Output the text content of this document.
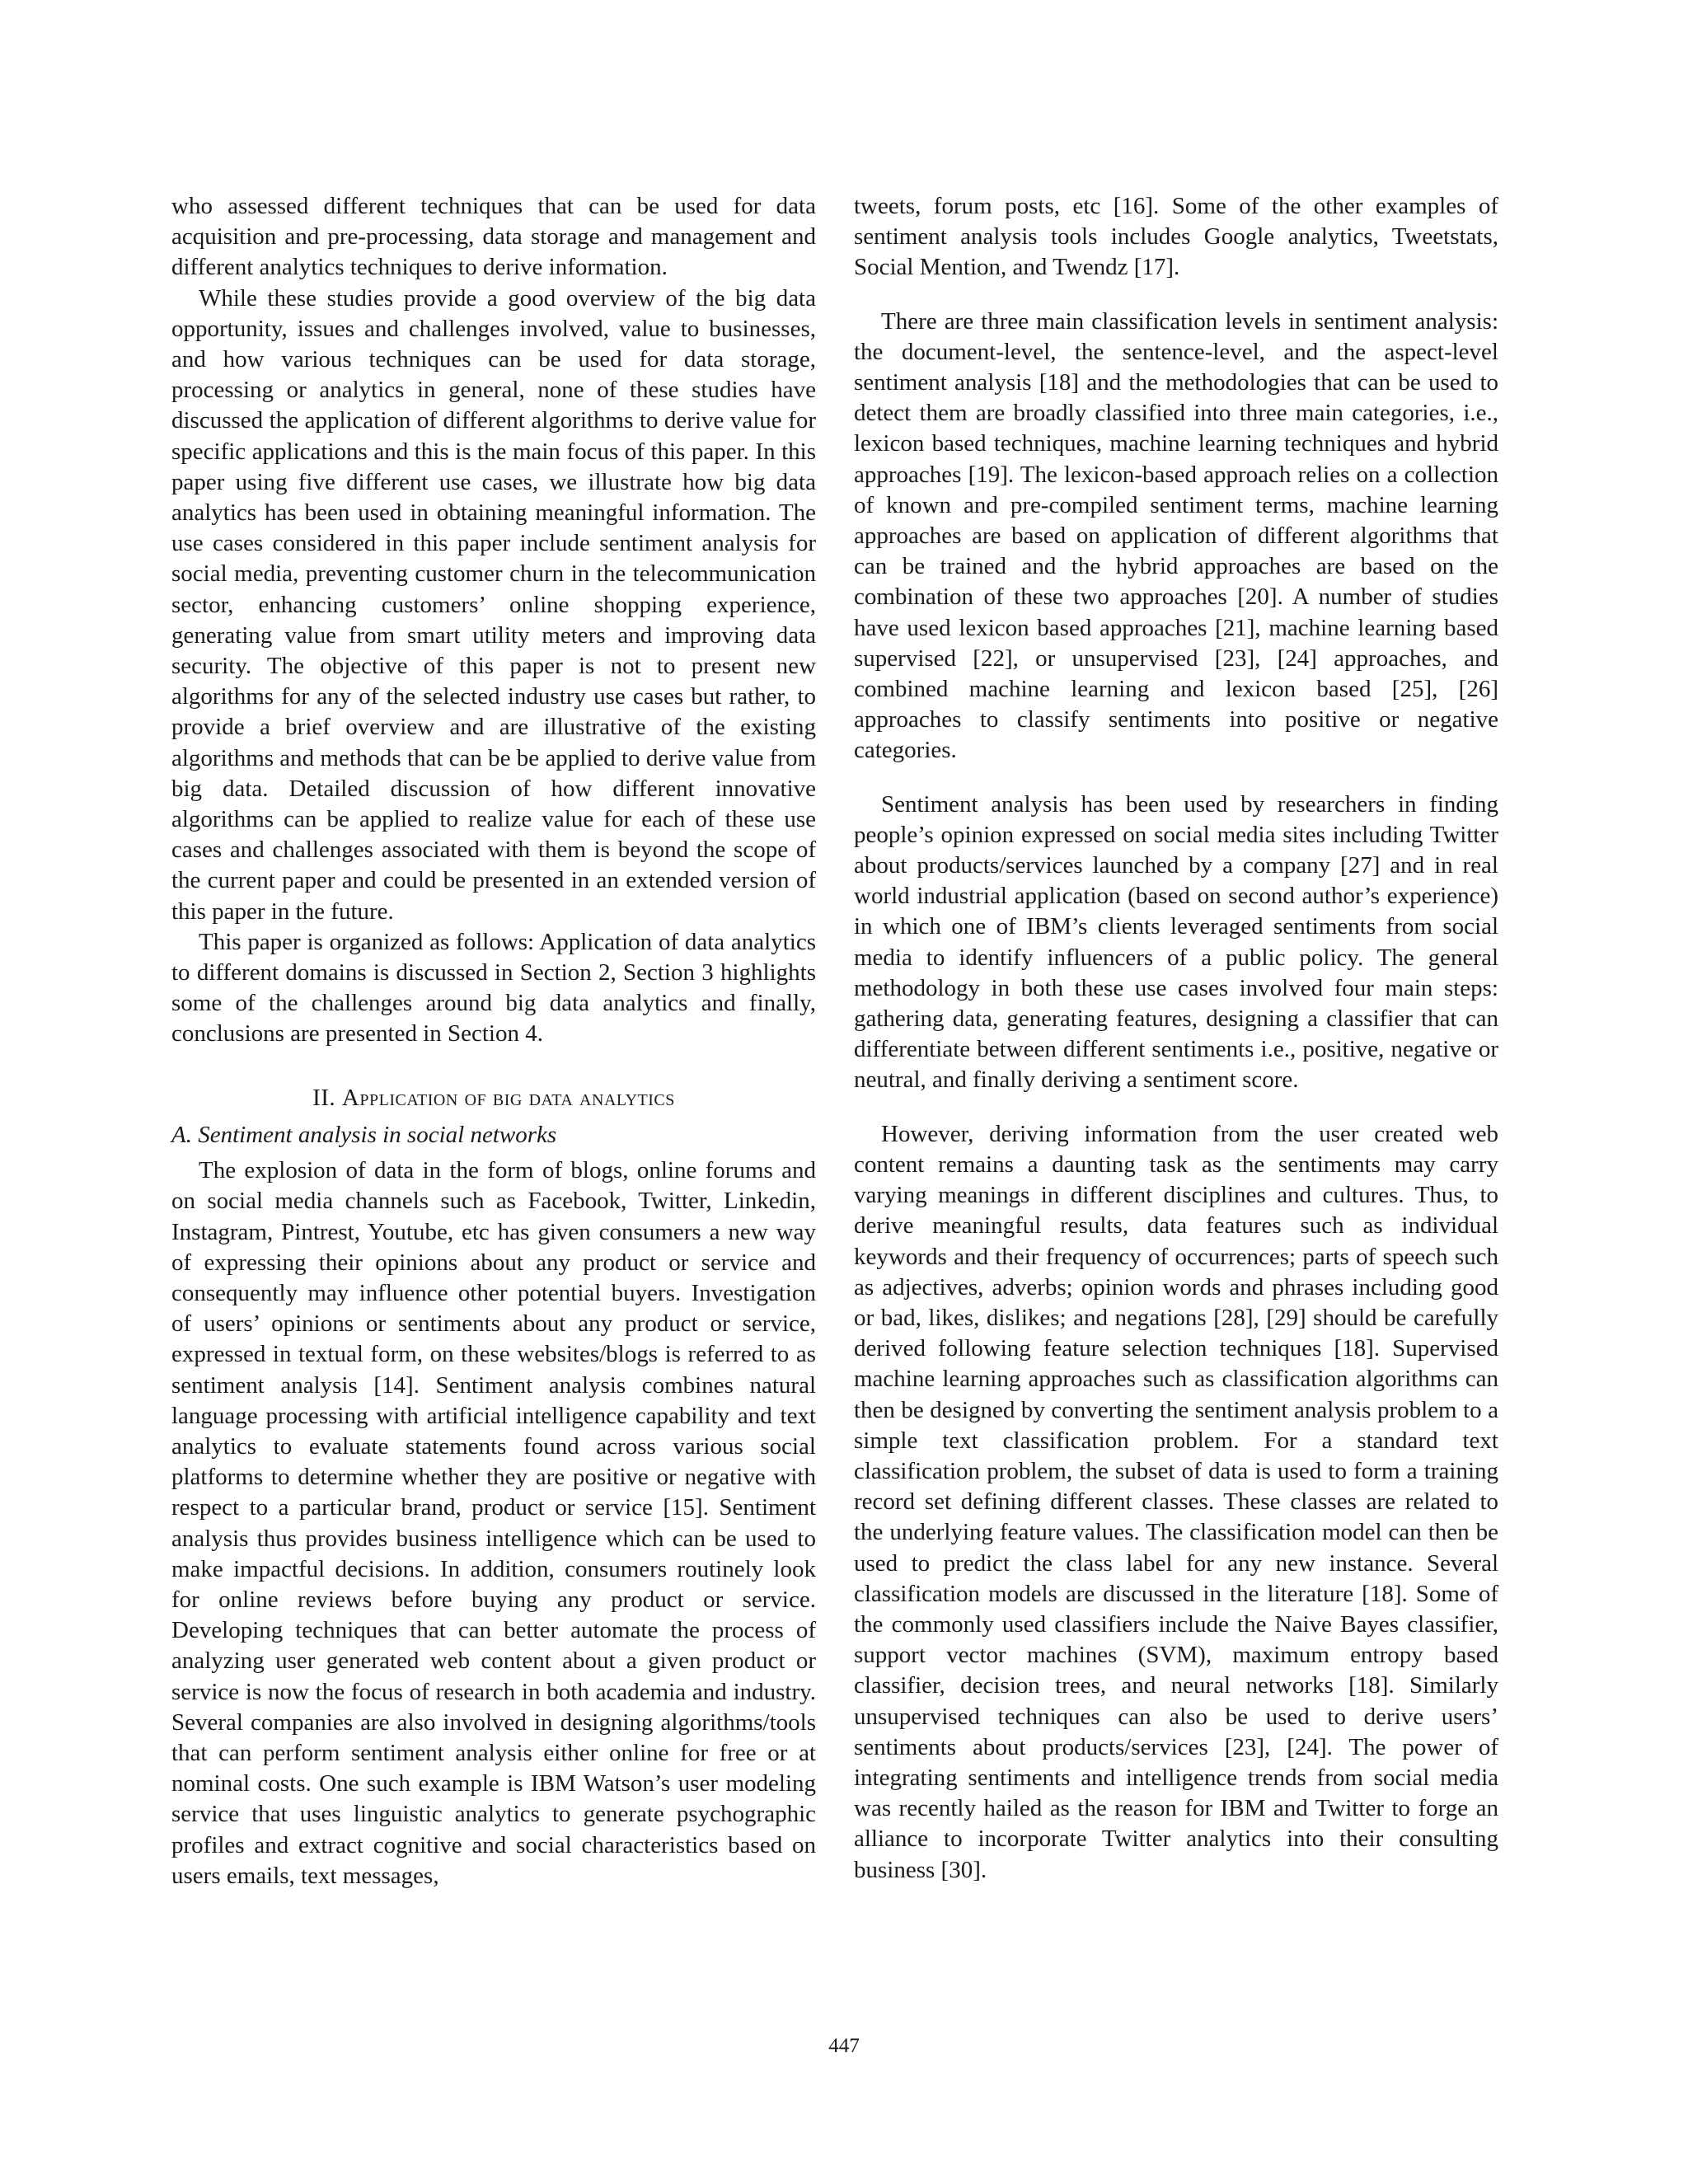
who assessed different techniques that can be used for data acquisition and pre-processing, data storage and management and different analytics techniques to derive information.

While these studies provide a good overview of the big data opportunity, issues and challenges involved, value to businesses, and how various techniques can be used for data storage, processing or analytics in general, none of these studies have discussed the application of different algorithms to derive value for specific applications and this is the main focus of this paper. In this paper using five different use cases, we illustrate how big data analytics has been used in obtaining meaningful information. The use cases considered in this paper include sentiment analysis for social media, preventing customer churn in the telecommunication sector, enhancing customers’ online shopping experience, generating value from smart utility meters and improving data security. The objective of this paper is not to present new algorithms for any of the selected industry use cases but rather, to provide a brief overview and are illustrative of the existing algorithms and methods that can be be applied to derive value from big data. Detailed discussion of how different innovative algorithms can be applied to realize value for each of these use cases and challenges associated with them is beyond the scope of the current paper and could be presented in an extended version of this paper in the future.

This paper is organized as follows: Application of data analytics to different domains is discussed in Section 2, Section 3 highlights some of the challenges around big data analytics and finally, conclusions are presented in Section 4.

II. Application of big data analytics
A. Sentiment analysis in social networks

The explosion of data in the form of blogs, online forums and on social media channels such as Facebook, Twitter, Linkedin, Instagram, Pintrest, Youtube, etc has given consumers a new way of expressing their opinions about any product or service and consequently may influence other potential buyers. Investigation of users’ opinions or sentiments about any product or service, expressed in textual form, on these websites/blogs is referred to as sentiment analysis [14]. Sentiment analysis combines natural language processing with artificial intelligence capability and text analytics to evaluate statements found across various social platforms to determine whether they are positive or negative with respect to a particular brand, product or service [15]. Sentiment analysis thus provides business intelligence which can be used to make impactful decisions. In addition, consumers routinely look for online reviews before buying any product or service. Developing techniques that can better automate the process of analyzing user generated web content about a given product or service is now the focus of research in both academia and industry. Several companies are also involved in designing algorithms/tools that can perform sentiment analysis either online for free or at nominal costs. One such example is IBM Watson’s user modeling service that uses linguistic analytics to generate psychographic profiles and extract cognitive and social characteristics based on users emails, text messages,

tweets, forum posts, etc [16]. Some of the other examples of sentiment analysis tools includes Google analytics, Tweetstats, Social Mention, and Twendz [17].

There are three main classification levels in sentiment analysis: the document-level, the sentence-level, and the aspect-level sentiment analysis [18] and the methodologies that can be used to detect them are broadly classified into three main categories, i.e., lexicon based techniques, machine learning techniques and hybrid approaches [19]. The lexicon-based approach relies on a collection of known and pre-compiled sentiment terms, machine learning approaches are based on application of different algorithms that can be trained and the hybrid approaches are based on the combination of these two approaches [20]. A number of studies have used lexicon based approaches [21], machine learning based supervised [22], or unsupervised [23], [24] approaches, and combined machine learning and lexicon based [25], [26] approaches to classify sentiments into positive or negative categories.

Sentiment analysis has been used by researchers in finding people’s opinion expressed on social media sites including Twitter about products/services launched by a company [27] and in real world industrial application (based on second author’s experience) in which one of IBM’s clients leveraged sentiments from social media to identify influencers of a public policy. The general methodology in both these use cases involved four main steps: gathering data, generating features, designing a classifier that can differentiate between different sentiments i.e., positive, negative or neutral, and finally deriving a sentiment score.

However, deriving information from the user created web content remains a daunting task as the sentiments may carry varying meanings in different disciplines and cultures. Thus, to derive meaningful results, data features such as individual keywords and their frequency of occurrences; parts of speech such as adjectives, adverbs; opinion words and phrases including good or bad, likes, dislikes; and negations [28], [29] should be carefully derived following feature selection techniques [18]. Supervised machine learning approaches such as classification algorithms can then be designed by converting the sentiment analysis problem to a simple text classification problem. For a standard text classification problem, the subset of data is used to form a training record set defining different classes. These classes are related to the underlying feature values. The classification model can then be used to predict the class label for any new instance. Several classification models are discussed in the literature [18]. Some of the commonly used classifiers include the Naive Bayes classifier, support vector machines (SVM), maximum entropy based classifier, decision trees, and neural networks [18]. Similarly unsupervised techniques can also be used to derive users’ sentiments about products/services [23], [24]. The power of integrating sentiments and intelligence trends from social media was recently hailed as the reason for IBM and Twitter to forge an alliance to incorporate Twitter analytics into their consulting business [30].

447
